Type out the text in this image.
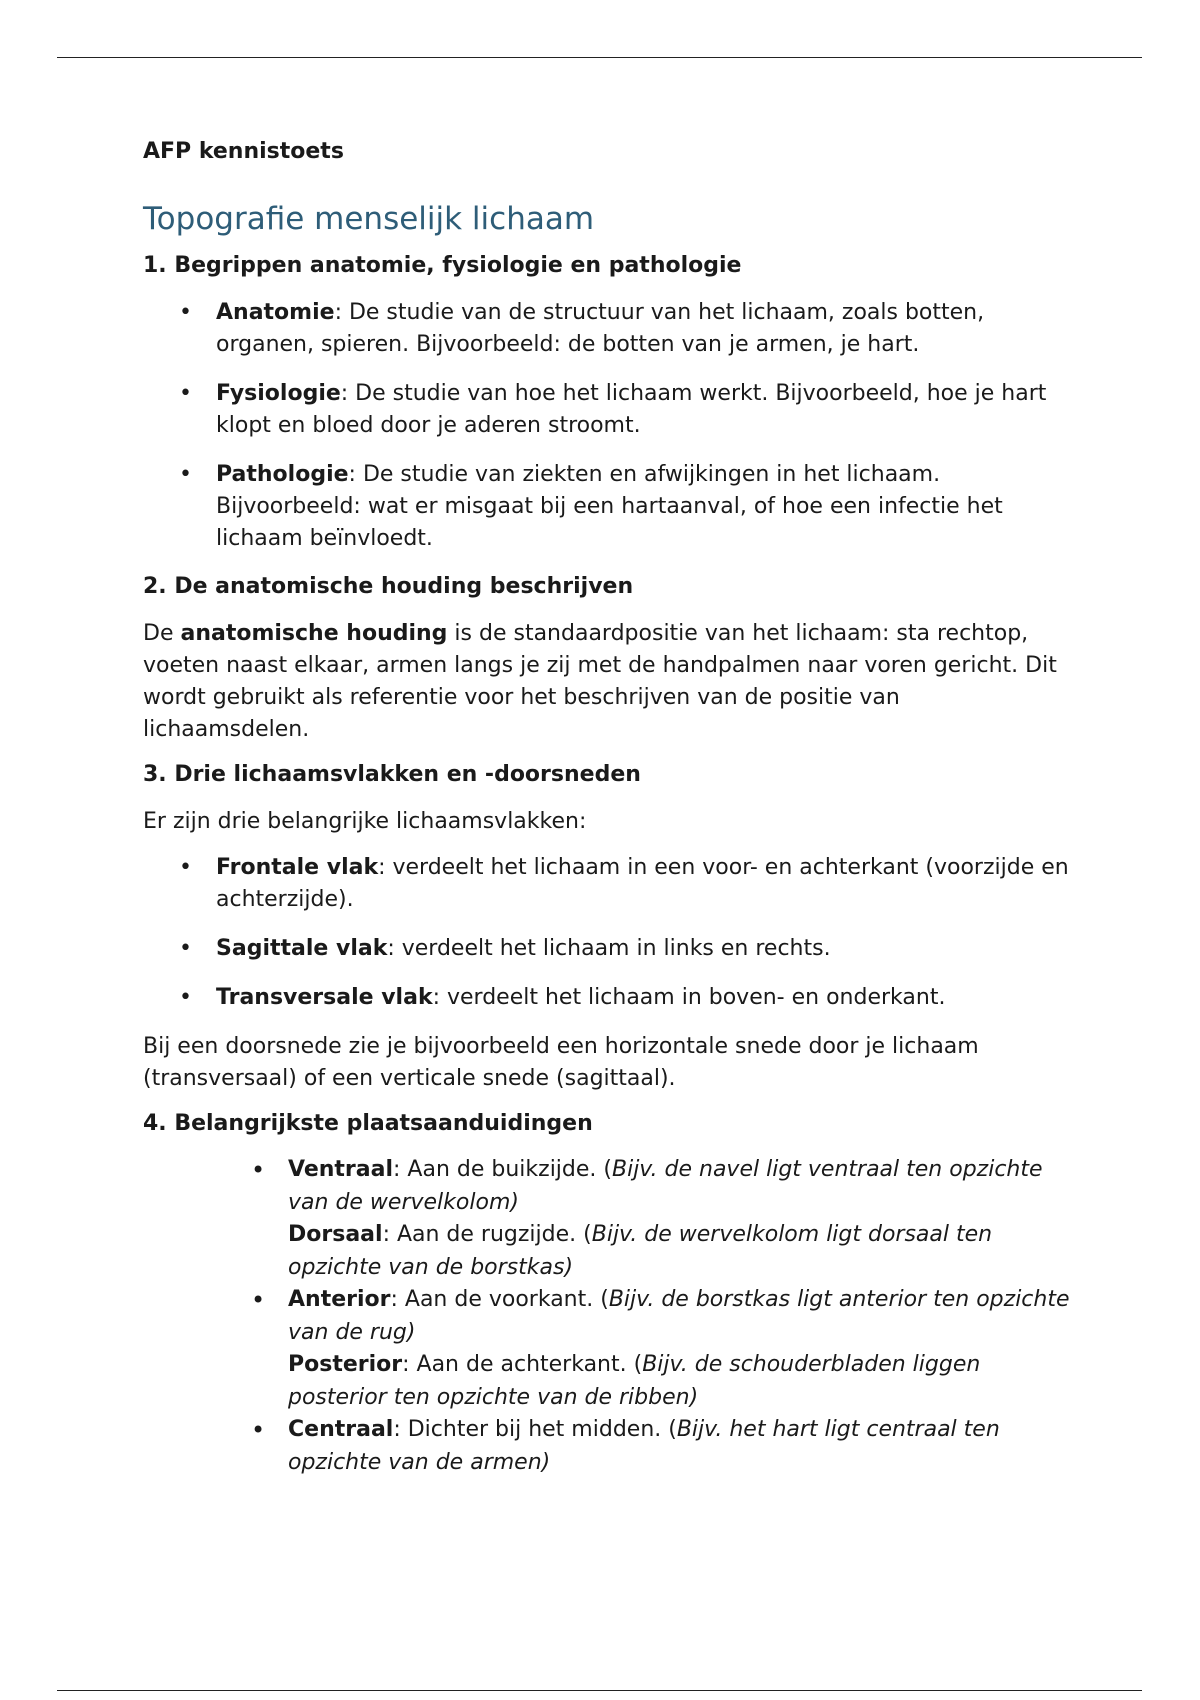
AFP kennistoets
Topografie menselijk lichaam
1. Begrippen anatomie, fysiologie en pathologie
• Anatomie: De studie van de structuur van het lichaam, zoals botten, organen, spieren. Bijvoorbeeld: de botten van je armen, je hart.
• Fysiologie: De studie van hoe het lichaam werkt. Bijvoorbeeld, hoe je hart klopt en bloed door je aderen stroomt.
• Pathologie: De studie van ziekten en afwijkingen in het lichaam. Bijvoorbeeld: wat er misgaat bij een hartaanval, of hoe een infectie het lichaam beïnvloedt.
2. De anatomische houding beschrijven

De anatomische houding is de standaardpositie van het lichaam: sta rechtop, voeten naast elkaar, armen langs je zij met de handpalmen naar voren gericht. Dit wordt gebruikt als referentie voor het beschrijven van de positie van lichaamsdelen.

3. Drie lichaamsvlakken en -doorsneden

Er zijn drie belangrijke lichaamsvlakken:

• Frontale vlak: verdeelt het lichaam in een voor- en achterkant (voorzijde en achterzijde).
• Sagittale vlak: verdeelt het lichaam in links en rechts.
• Transversale vlak: verdeelt het lichaam in boven- en onderkant.

Bij een doorsnede zie je bijvoorbeeld een horizontale snede door je lichaam (transversaal) of een verticale snede (sagittaal).

4. Belangrijkste plaatsaanduidingen
• Ventraal: Aan de buikzijde. (Bijv. de navel ligt ventraal ten opzichte van de wervelkolom)
Dorsaal: Aan de rugzijde. (Bijv. de wervelkolom ligt dorsaal ten opzichte van de borstkas)
• Anterior: Aan de voorkant. (Bijv. de borstkas ligt anterior ten opzichte van de rug)
Posterior: Aan de achterkant. (Bijv. de schouderbladen liggen posterior ten opzichte van de ribben)
• Centraal: Dichter bij het midden. (Bijv. het hart ligt centraal ten opzichte van de armen)
